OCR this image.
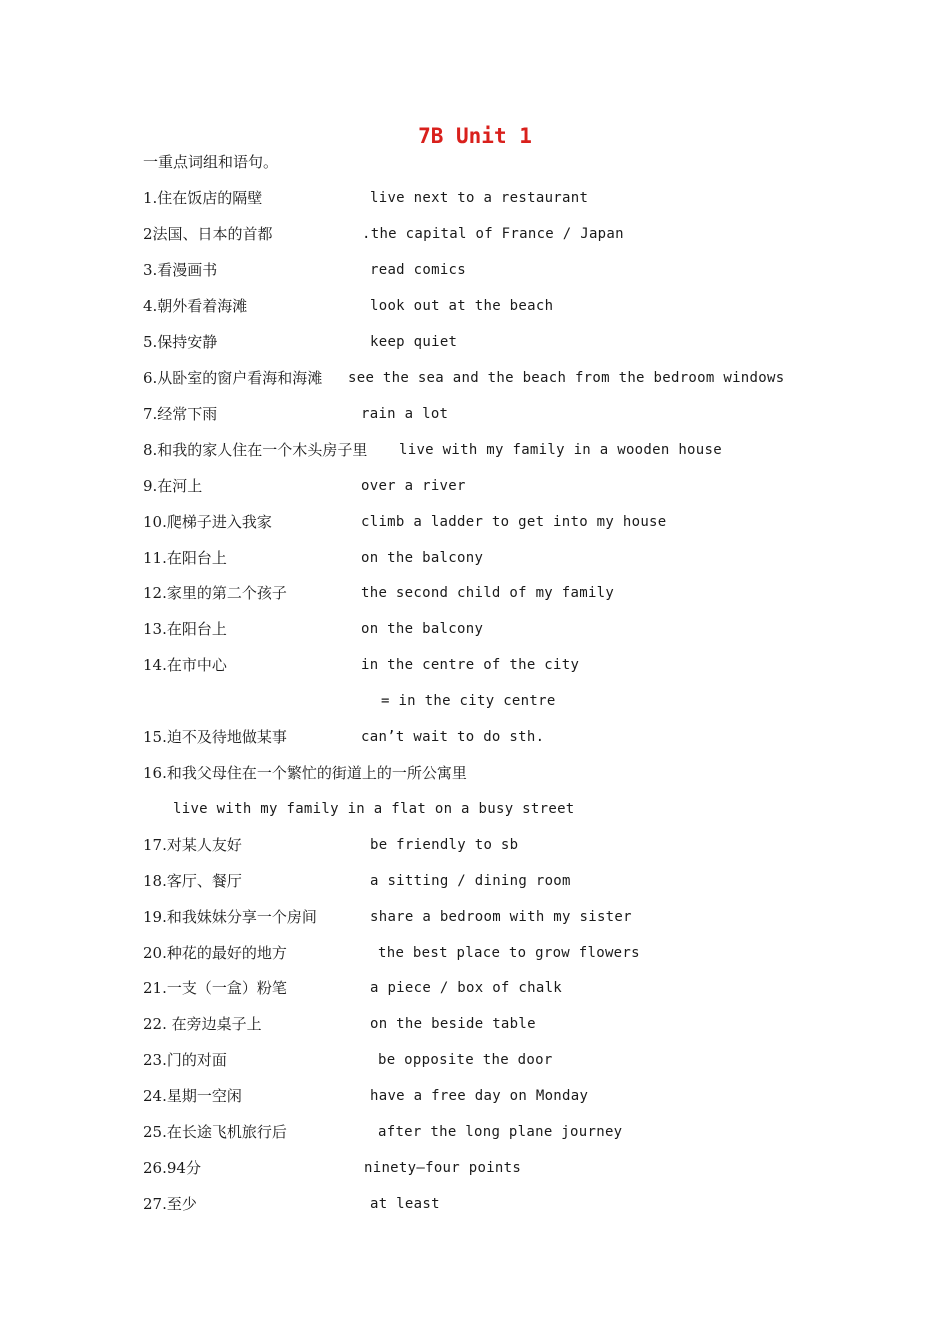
7B Unit 1
一重点词组和语句。
1.住在饭店的隔壁	live next to a restaurant
2法国、日本的首都	.the capital of France / Japan
3.看漫画书	read comics
4.朝外看着海滩	look out at the beach
5.保持安静	keep quiet
6.从卧室的窗户看海和海滩 see the sea and the beach from the bedroom windows
7.经常下雨	rain a lot
8.和我的家人住在一个木头房子里 live with my family in a wooden house
9.在河上	over a river
10.爬梯子进入我家	climb a ladder to get into my house
11.在阳台上	on the balcony
12.家里的第二个孩子	the second child of my family
13.在阳台上	on the balcony
14.在市中心	in the centre of the city
= in the city centre
15.迫不及待地做某事	can’t wait to do sth.
16.和我父母住在一个繁忙的街道上的一所公寓里
live with my family in a flat on a busy street
17.对某人友好	be friendly to sb
18.客厅、餐厅	a sitting / dining room
19.和我妹妹分享一个房间	share a bedroom with my sister
20.种花的最好的地方	the best place to grow flowers
21.一支（一盒）粉笔	a piece / box of chalk
22. 在旁边桌子上	on the beside table
23.门的对面	be opposite the door
24.星期一空闲	have a free day on Monday
25.在长途飞机旅行后	after the long plane journey
26.94分	ninety—four points
27.至少	at least
